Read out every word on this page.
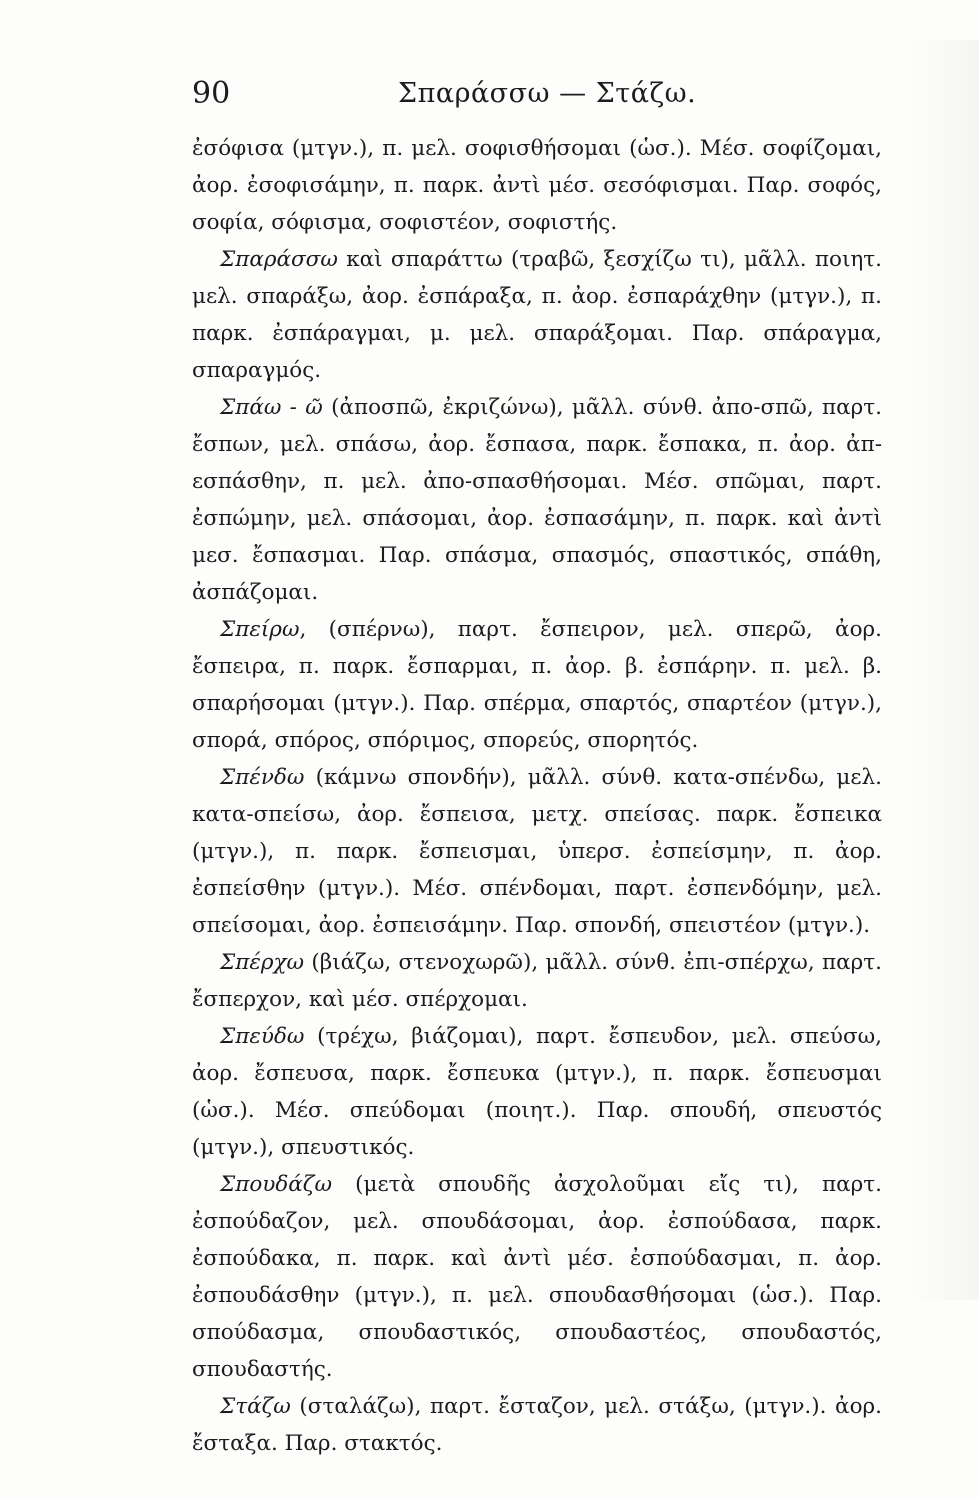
90	Σπαράσσω — Στάζω.

ἐσόφισα (μτγν.), π. μελ. σοφισθήσομαι (ὡσ.). Μέσ. σοφίζομαι, ἀορ. ἐσοφισάμην, π. παρκ. ἀντὶ μέσ. σεσόφισμαι. Παρ. σοφός, σοφία, σόφισμα, σοφιστέον, σοφιστής.

Σπαράσσω καὶ σπαράττω (τραβῶ, ξεσχίζω τι), μᾶλλ. ποιητ. μελ. σπαράξω, ἀορ. ἐσπάραξα, π. ἀορ. ἐσπαράχθην (μτγν.), π. παρκ. ἐσπάραγμαι, μ. μελ. σπαράξομαι. Παρ. σπάραγμα, σπαραγμός.

Σπάω - ῶ (ἀποσπῶ, ἐκριζώνω), μᾶλλ. σύνθ. ἀπο-σπῶ, παρτ. ἔσπων, μελ. σπάσω, ἀορ. ἔσπασα, παρκ. ἔσπακα, π. ἀορ. ἀπ-εσπάσθην, π. μελ. ἀπο-σπασθήσομαι. Μέσ. σπῶμαι, παρτ. ἐσπώμην, μελ. σπάσομαι, ἀορ. ἐσπασάμην, π. παρκ. καὶ ἀντὶ μεσ. ἔσπασμαι. Παρ. σπάσμα, σπασμός, σπαστικός, σπάθη, ἀσπάζομαι.

Σπείρω, (σπέρνω), παρτ. ἔσπειρον, μελ. σπερῶ, ἀορ. ἔσπειρα, π. παρκ. ἔσπαρμαι, π. ἀορ. β. ἐσπάρην. π. μελ. β. σπαρήσομαι (μτγν.). Παρ. σπέρμα, σπαρτός, σπαρτέον (μτγν.), σπορά, σπόρος, σπόριμος, σπορεύς, σπορητός.

Σπένδω (κάμνω σπονδήν), μᾶλλ. σύνθ. κατα-σπένδω, μελ. κατα-σπείσω, ἀορ. ἔσπεισα, μετχ. σπείσας. παρκ. ἔσπεικα (μτγν.), π. παρκ. ἔσπεισμαι, ὑπερσ. ἐσπείσμην, π. ἀορ. ἐσπείσθην (μτγν.). Μέσ. σπένδομαι, παρτ. ἐσπενδόμην, μελ. σπείσομαι, ἀορ. ἐσπεισάμην. Παρ. σπονδή, σπειστέον (μτγν.).

Σπέρχω (βιάζω, στενοχωρῶ), μᾶλλ. σύνθ. ἐπι-σπέρχω, παρτ. ἔσπερχον, καὶ μέσ. σπέρχομαι.

Σπεύδω (τρέχω, βιάζομαι), παρτ. ἔσπευδον, μελ. σπεύσω, ἀορ. ἔσπευσα, παρκ. ἔσπευκα (μτγν.), π. παρκ. ἔσπευσμαι (ὡσ.). Μέσ. σπεύδομαι (ποιητ.). Παρ. σπουδή, σπευστός (μτγν.), σπευστικός.

Σπουδάζω (μετὰ σπουδῆς ἀσχολοῦμαι εἴς τι), παρτ. ἐσπούδαζον, μελ. σπουδάσομαι, ἀορ. ἐσπούδασα, παρκ. ἐσπούδακα, π. παρκ. καὶ ἀντὶ μέσ. ἐσπούδασμαι, π. ἀορ. ἐσπουδάσθην (μτγν.), π. μελ. σπουδασθήσομαι (ὡσ.). Παρ. σπούδασμα, σπουδαστικός, σπουδαστέος, σπουδαστός, σπουδαστής.

Στάζω (σταλάζω), παρτ. ἔσταζον, μελ. στάξω, (μτγν.). ἀορ. ἔσταξα. Παρ. στακτός.
